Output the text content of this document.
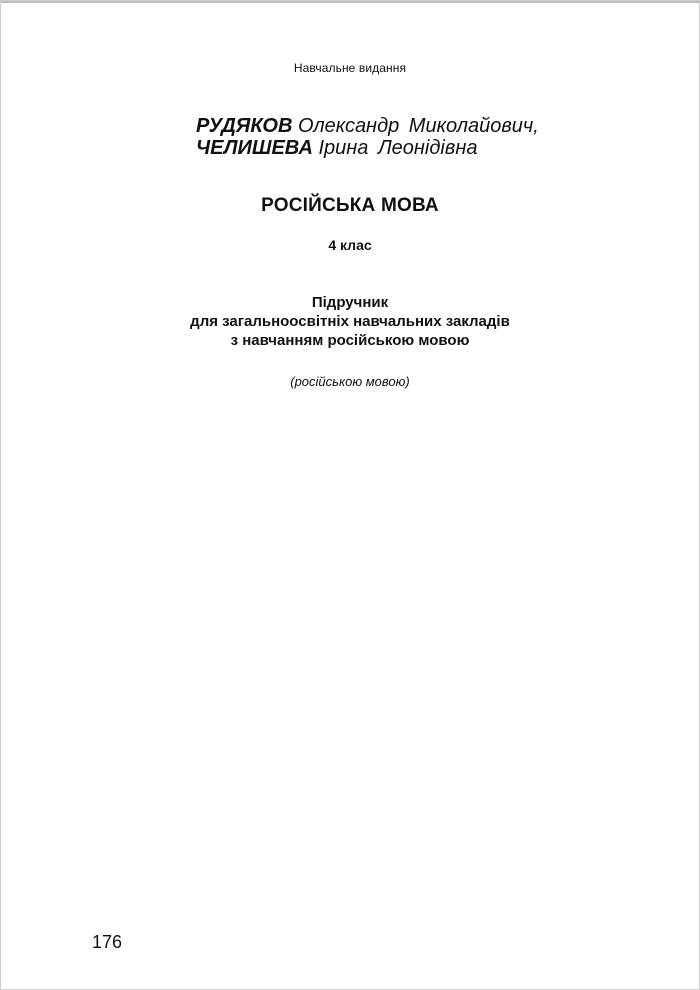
Навчальне видання
РУДЯКОВ Олександр Миколайович,
ЧЕЛИШЕВА Ірина Леонідівна
РОСІЙСЬКА МОВА
4 клас
Підручник
для загальноосвітніх навчальних закладів
з навчанням російською мовою
(російською мовою)
176
